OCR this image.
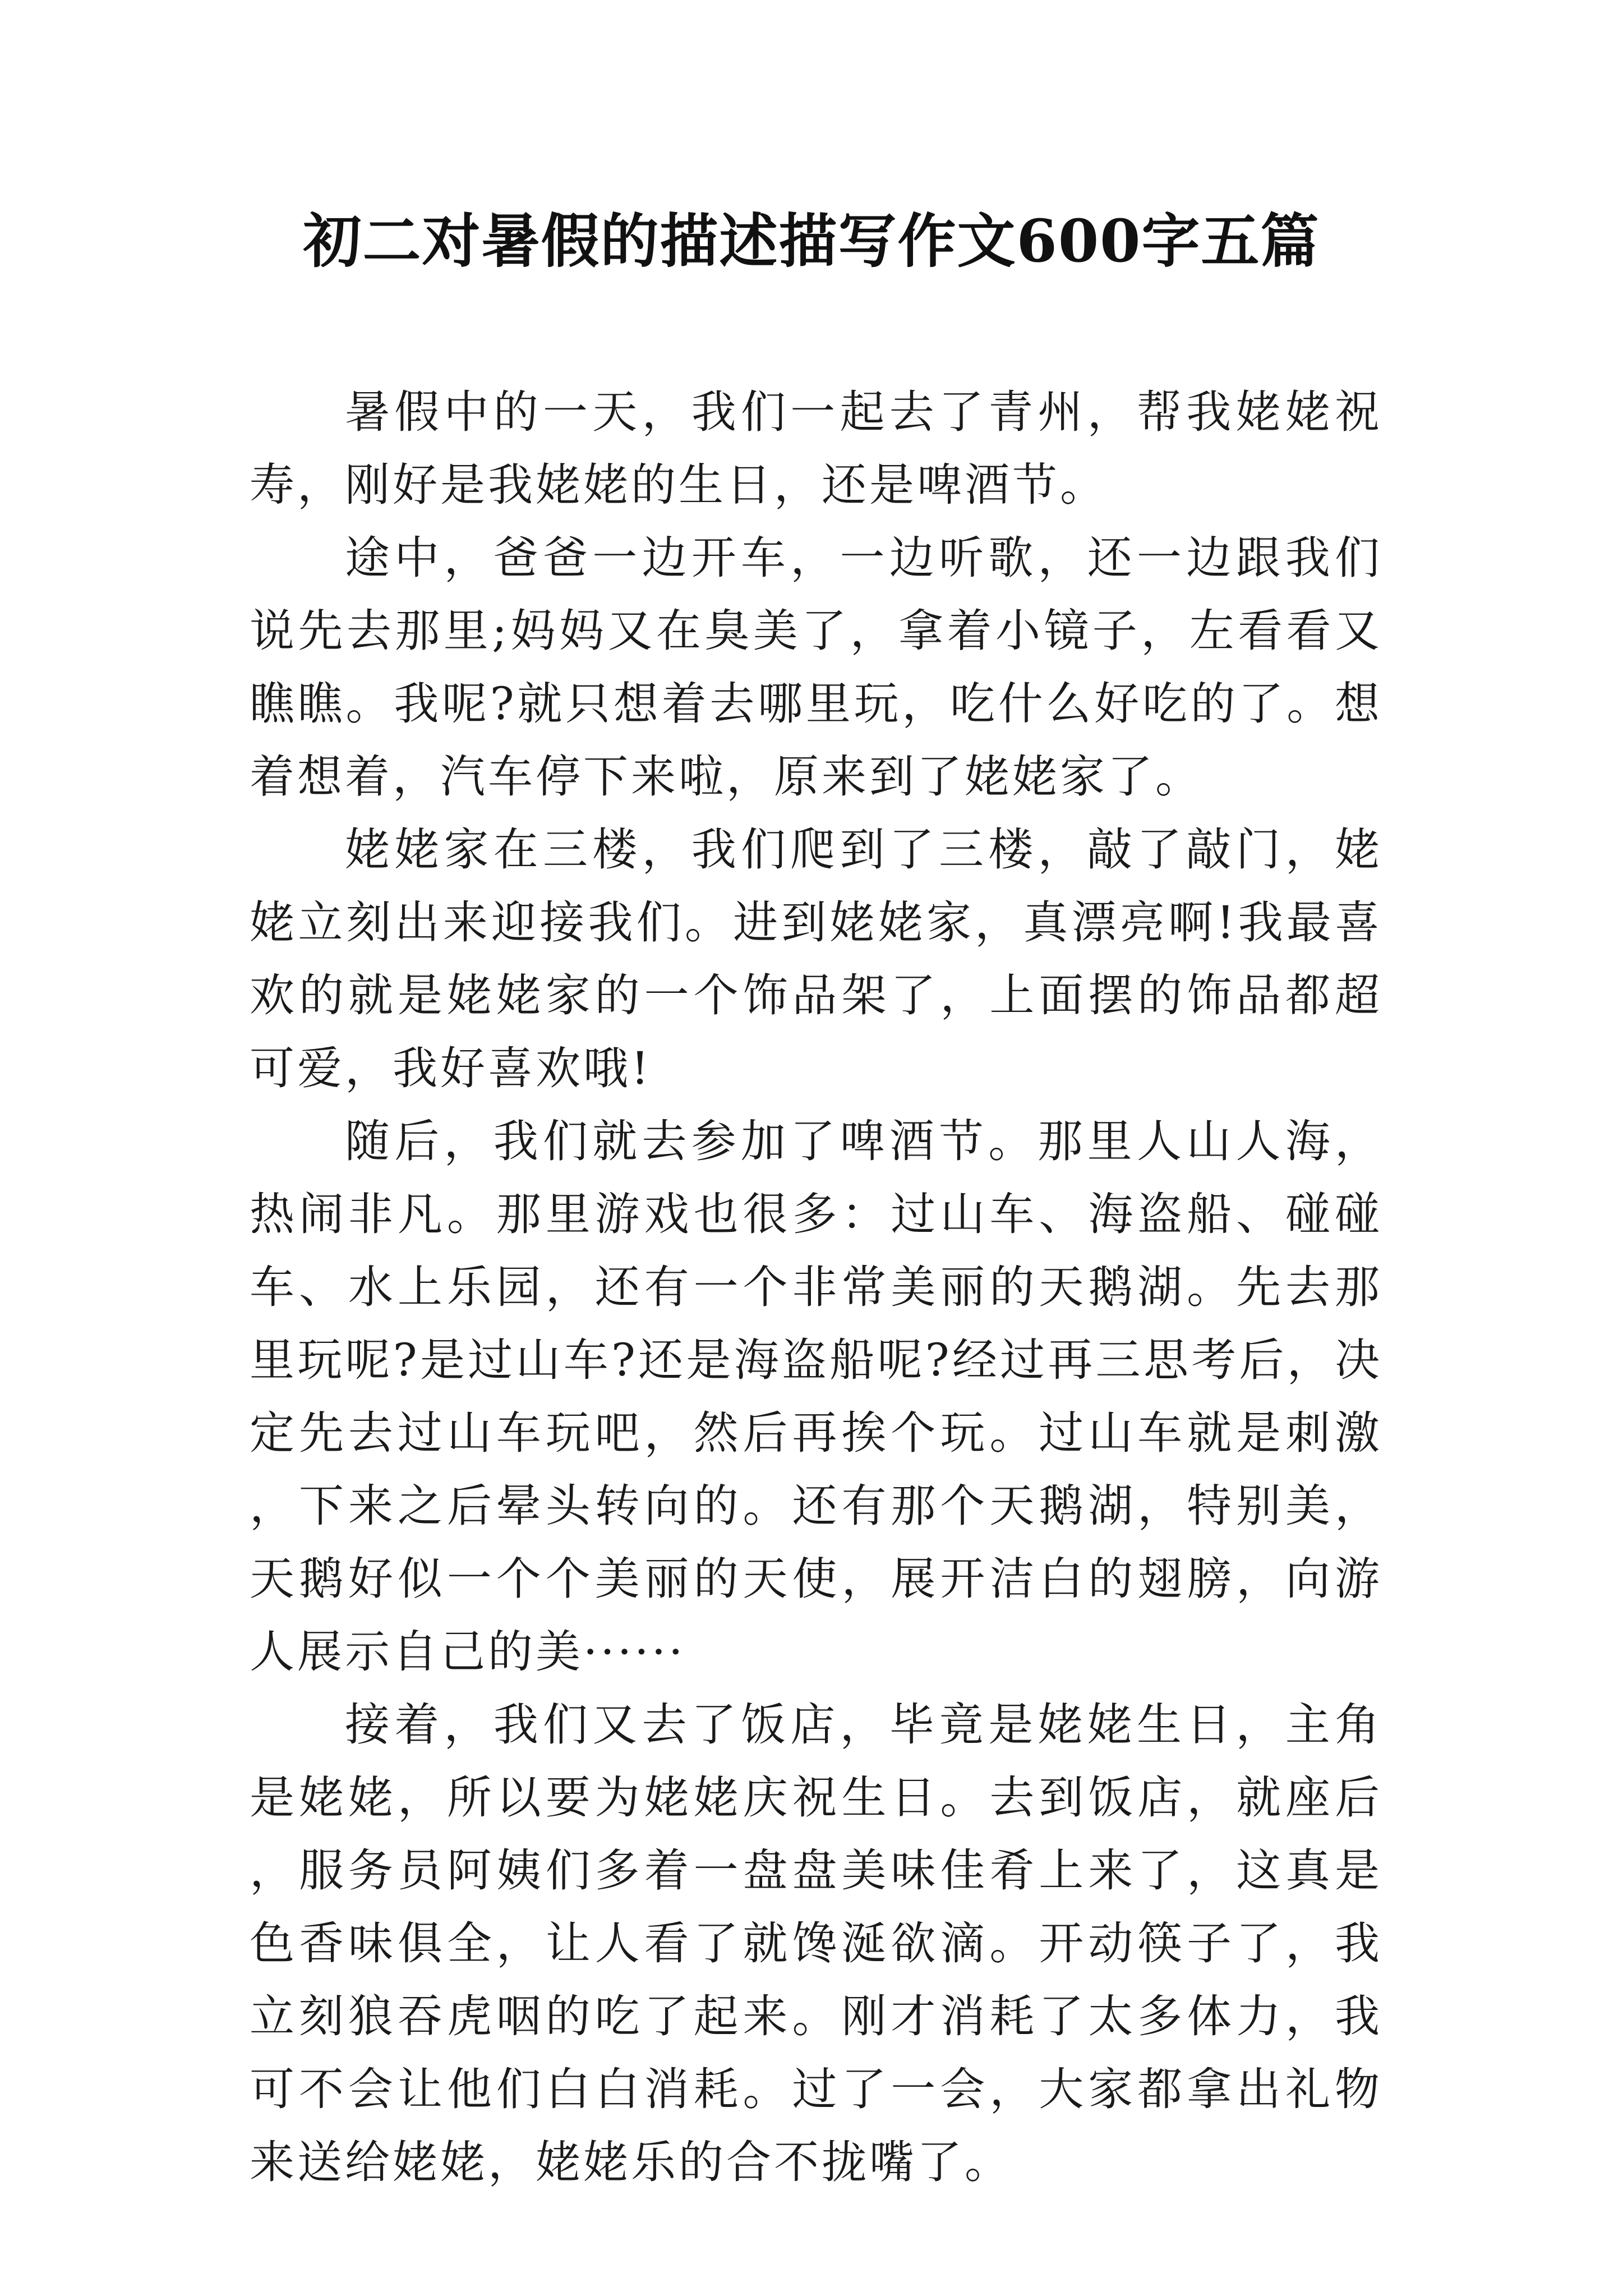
初二对暑假的描述描写作文600字五篇

暑假中的一天，我们一起去了青州，帮我姥姥祝寿，刚好是我姥姥的生日，还是啤酒节。

途中，爸爸一边开车，一边听歌，还一边跟我们说先去那里;妈妈又在臭美了，拿着小镜子，左看看又瞧瞧。我呢?就只想着去哪里玩，吃什么好吃的了。想着想着，汽车停下来啦，原来到了姥姥家了。

姥姥家在三楼，我们爬到了三楼，敲了敲门，姥姥立刻出来迎接我们。进到姥姥家，真漂亮啊!我最喜欢的就是姥姥家的一个饰品架了，上面摆的饰品都超可爱，我好喜欢哦!

随后，我们就去参加了啤酒节。那里人山人海，热闹非凡。那里游戏也很多：过山车、海盗船、碰碰车、水上乐园，还有一个非常美丽的天鹅湖。先去那里玩呢?是过山车?还是海盗船呢?经过再三思考后，决定先去过山车玩吧，然后再挨个玩。过山车就是刺激，下来之后晕头转向的。还有那个天鹅湖，特别美，天鹅好似一个个美丽的天使，展开洁白的翅膀，向游人展示自己的美······

接着，我们又去了饭店，毕竟是姥姥生日，主角是姥姥，所以要为姥姥庆祝生日。去到饭店，就座后，服务员阿姨们多着一盘盘美味佳肴上来了，这真是色香味俱全，让人看了就馋涎欲滴。开动筷子了，我立刻狼吞虎咽的吃了起来。刚才消耗了太多体力，我可不会让他们白白消耗。过了一会，大家都拿出礼物来送给姥姥，姥姥乐的合不拢嘴了。
